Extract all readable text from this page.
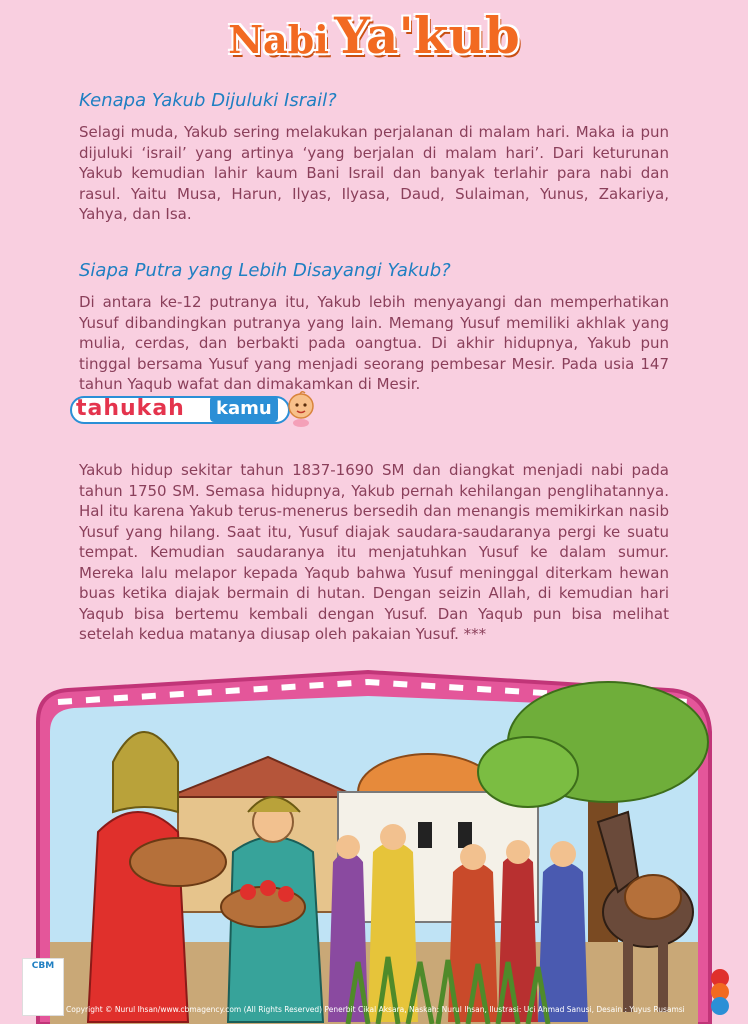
Nabi Ya'kub
Kenapa Yakub Dijuluki Israil?
Selagi muda, Yakub sering melakukan perjalanan di malam hari. Maka ia pun dijuluki ‘israil’ yang artinya ‘yang berjalan di malam hari’. Dari keturunan Yakub kemudian lahir kaum Bani Israil dan banyak terlahir para nabi dan rasul. Yaitu Musa, Harun, Ilyas, Ilyasa, Daud, Sulaiman, Yunus, Zakariya, Yahya, dan Isa.
Siapa Putra yang Lebih Disayangi Yakub?
Di antara ke-12 putranya itu, Yakub lebih menyayangi dan memperhatikan Yusuf dibandingkan putranya yang lain. Memang Yusuf memiliki akhlak yang mulia, cerdas, dan berbakti pada oangtua. Di akhir hidupnya, Yakub pun tinggal bersama Yusuf yang menjadi seorang pembesar Mesir. Pada usia 147 tahun Yaqub wafat dan dimakamkan di Mesir.
tahukah	kamu
Yakub hidup sekitar tahun 1837-1690 SM dan diangkat menjadi nabi pada tahun 1750 SM. Semasa hidupnya, Yakub pernah kehilangan penglihatannya. Hal itu karena Yakub terus-menerus bersedih dan menangis memikirkan nasib Yusuf yang hilang. Saat itu, Yusuf diajak saudara-saudaranya pergi ke suatu tempat. Kemudian saudaranya itu menjatuhkan Yusuf ke dalam sumur. Mereka lalu melapor kepada Yaqub bahwa Yusuf meninggal diterkam hewan buas ketika diajak bermain di hutan. Dengan seizin Allah, di kemudian hari Yaqub bisa bertemu kembali dengan Yusuf. Dan Yaqub pun bisa melihat setelah kedua matanya diusap oleh pakaian Yusuf. ***
CBM
Copyright © Nurul Ihsan/www.cbmagency.com (All Rights Reserved) Penerbit Cikal Aksara, Naskah: Nurul Ihsan, Ilustrasi: Uci Ahmad Sanusi, Desain : Yuyus Rusamsi
